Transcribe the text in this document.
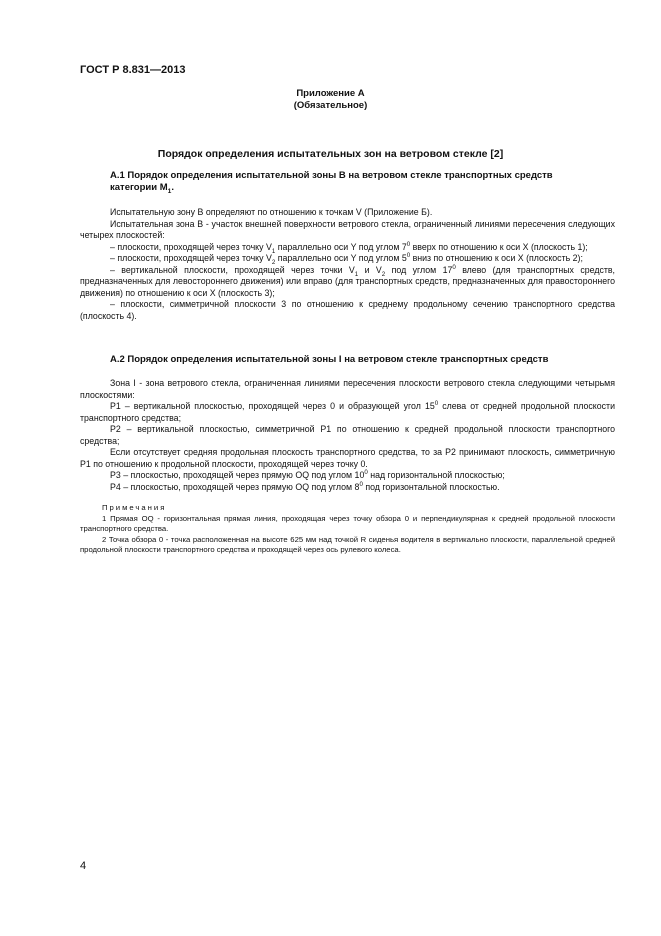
ГОСТ Р 8.831—2013
Приложение А
(Обязательное)
Порядок определения испытательных зон на ветровом стекле [2]
А.1 Порядок определения испытательной зоны B на ветровом стекле транспортных средств
категории $M_1$.

Испытательную зону B определяют по отношению к точкам V (Приложение Б).

Испытательная зона B - участок внешней поверхности ветрового стекла, ограниченный линиями пересечения следующих четырех плоскостей:

– плоскости, проходящей через точку $V_1$ параллельно оси Y под углом $7^0$ вверх по отношению к оси X (плоскость 1);

– плоскости, проходящей через точку $V_2$ параллельно оси Y под углом $5^0$ вниз по отношению к оси X (плоскость 2);

– вертикальной плоскости, проходящей через точки $V_1$ и $V_2$ под углом $17^0$ влево (для транспортных средств, предназначенных для левостороннего движения) или вправо (для транспортных средств, предназначенных для правостороннего движения) по отношению к оси X (плоскость 3);

– плоскости, симметричной плоскости 3 по отношению к среднему продольному сечению транспортного средства (плоскость 4).

А.2 Порядок определения испытательной зоны I на ветровом стекле транспортных средств

Зона I - зона ветрового стекла, ограниченная линиями пересечения плоскости ветрового стекла следующими четырьмя плоскостями:

Р1 – вертикальной плоскостью, проходящей через 0 и образующей угол $15^0$ слева от средней продольной плоскости транспортного средства;

Р2 – вертикальной плоскостью, симметричной Р1 по отношению к средней продольной плоскости транспортного средства;

Если отсутствует средняя продольная плоскость транспортного средства, то за Р2 принимают плоскость, симметричную Р1 по отношению к продольной плоскости, проходящей через точку 0.

Р3 – плоскостью, проходящей через прямую OQ под углом $10^0$ над горизонтальной плоскостью;

Р4 – плоскостью, проходящей через прямую OQ под углом $8^0$ под горизонтальной плоскостью.

Примечания

1 Прямая OQ - горизонтальная прямая линия, проходящая через точку обзора 0 и перпендикулярная к средней продольной плоскости транспортного средства.

2 Точка обзора 0 - точка расположенная на высоте 625 мм над точкой R сиденья водителя в вертикально плоскости, параллельной средней продольной плоскости транспортного средства и проходящей через ось рулевого колеса.

4
